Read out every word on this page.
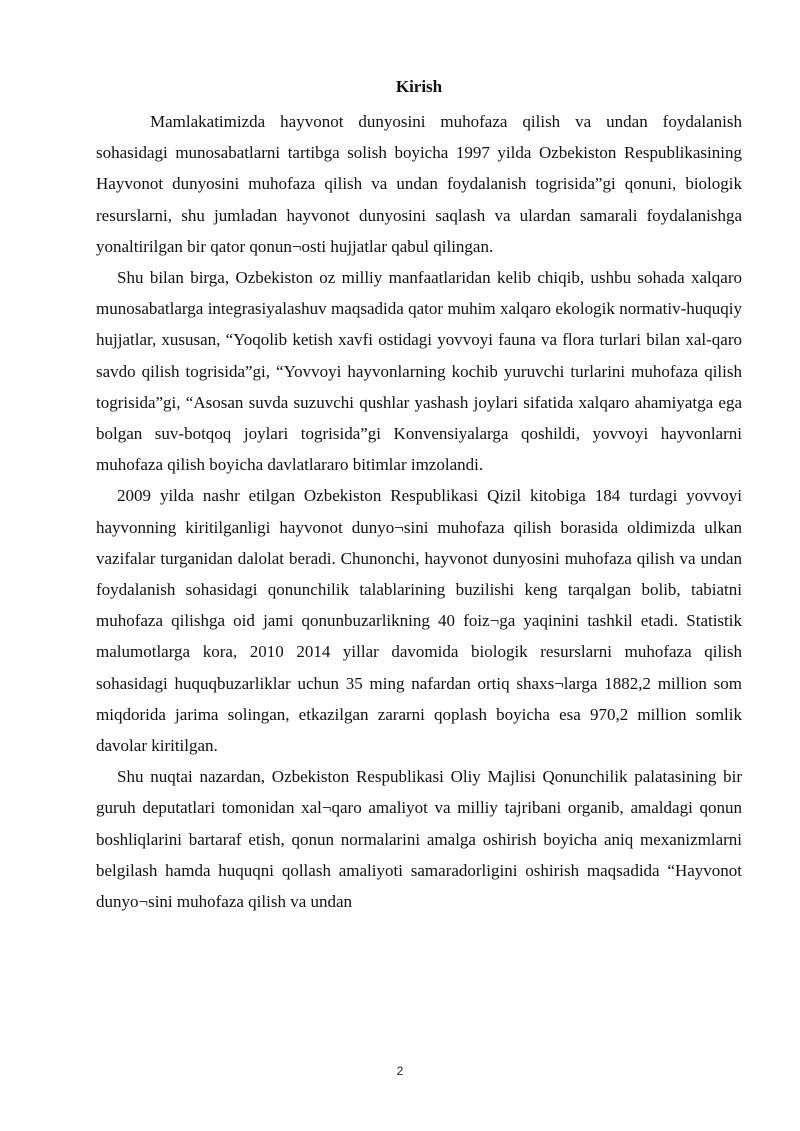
Kirish

Mamlakatimizda hayvonot dunyosini muhofaza qilish va undan foydalanish sohasidagi munosabatlarni tartibga solish boyicha 1997 yilda Ozbekiston Respublikasining Hayvonot dunyosini muhofaza qilish va undan foydalanish togrisida”gi qonuni, biologik resurslarni, shu jumladan hayvonot dunyosini saqlash va ulardan samarali foydalanishga yonaltirilgan bir qator qonun¬osti hujjatlar qabul qilingan.

Shu bilan birga, Ozbekiston oz milliy manfaatlaridan kelib chiqib, ushbu sohada xalqaro munosabatlarga integrasiyalashuv maqsadida qator muhim xalqaro ekologik normativ-huquqiy hujjatlar, xususan, “Yoqolib ketish xavfi ostidagi yovvoyi fauna va flora turlari bilan xal-qaro savdo qilish togrisida”gi, “Yovvoyi hayvonlarning kochib yuruvchi turlarini muhofaza qilish togrisida”gi, “Asosan suvda suzuvchi qushlar yashash joylari sifatida xalqaro ahamiyatga ega bolgan suv-botqoq joylari togrisida”gi Konvensiyalarga qoshildi, yovvoyi hayvonlarni muhofaza qilish boyicha davlatlararo bitimlar imzolandi.

2009 yilda nashr etilgan Ozbekiston Respublikasi Qizil kitobiga 184 turdagi yovvoyi hayvonning kiritilganligi hayvonot dunyo¬sini muhofaza qilish borasida oldimizda ulkan vazifalar turganidan dalolat beradi. Chunonchi, hayvonot dunyosini muhofaza qilish va undan foydalanish sohasidagi qonunchilik talablarining buzilishi keng tarqalgan bolib, tabiatni muhofaza qilishga oid jami qonunbuzarlikning 40 foiz¬ga yaqinini tashkil etadi. Statistik malumotlarga kora, 2010 2014 yillar davomida biologik resurslarni muhofaza qilish sohasidagi huquqbuzarliklar uchun 35 ming nafardan ortiq shaxs¬larga 1882,2 million som miqdorida jarima solingan, etkazilgan zararni qoplash boyicha esa 970,2 million somlik davolar kiritilgan.

Shu nuqtai nazardan, Ozbekiston Respublikasi Oliy Majlisi Qonunchilik palatasining bir guruh deputatlari tomonidan xal¬qaro amaliyot va milliy tajribani organib, amaldagi qonun boshliqlarini bartaraf etish, qonun normalarini amalga oshirish boyicha aniq mexanizmlarni belgilash hamda huquqni qollash amaliyoti samaradorligini oshirish maqsadida “Hayvonot dunyo¬sini muhofaza qilish va undan

2
